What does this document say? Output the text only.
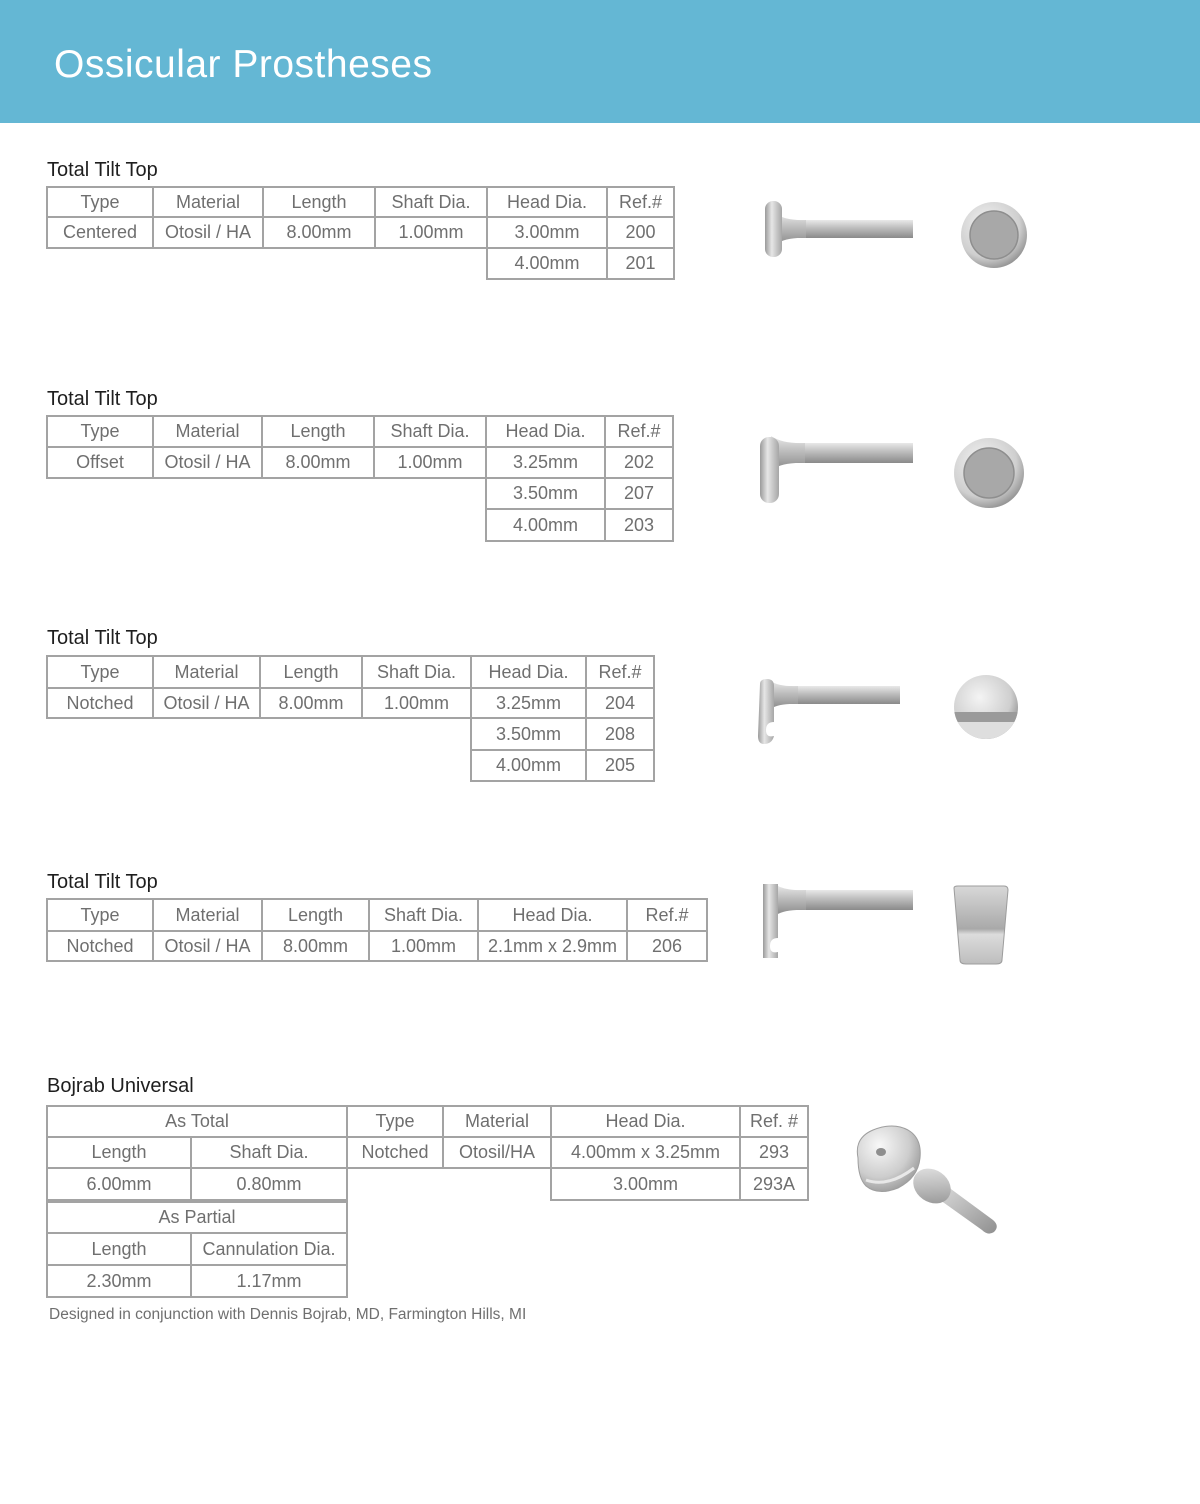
Ossicular Prostheses
Total Tilt Top
Type	Material	Length	Shaft Dia.	Head Dia.	Ref.#
Centered	Otosil / HA	8.00mm	1.00mm	3.00mm	200
4.00mm	201
Total Tilt Top
Type	Material	Length	Shaft Dia.	Head Dia.	Ref.#
Offset	Otosil / HA	8.00mm	1.00mm	3.25mm	202
3.50mm	207
4.00mm	203
Total Tilt Top
Type	Material	Length	Shaft Dia.	Head Dia.	Ref.#
Notched	Otosil / HA	8.00mm	1.00mm	3.25mm	204
3.50mm	208
4.00mm	205
Total Tilt Top
Type	Material	Length	Shaft Dia.	Head Dia.	Ref.#
Notched	Otosil / HA	8.00mm	1.00mm	2.1mm x 2.9mm	206
Bojrab Universal
As Total
Length	Shaft Dia.
6.00mm	0.80mm
As Partial
Length	Cannulation Dia.
2.30mm	1.17mm
Type	Material	Head Dia.	Ref. #
Notched	Otosil/HA	4.00mm x 3.25mm	293
3.00mm	293A

Designed in conjunction with Dennis Bojrab, MD, Farmington Hills, MI
